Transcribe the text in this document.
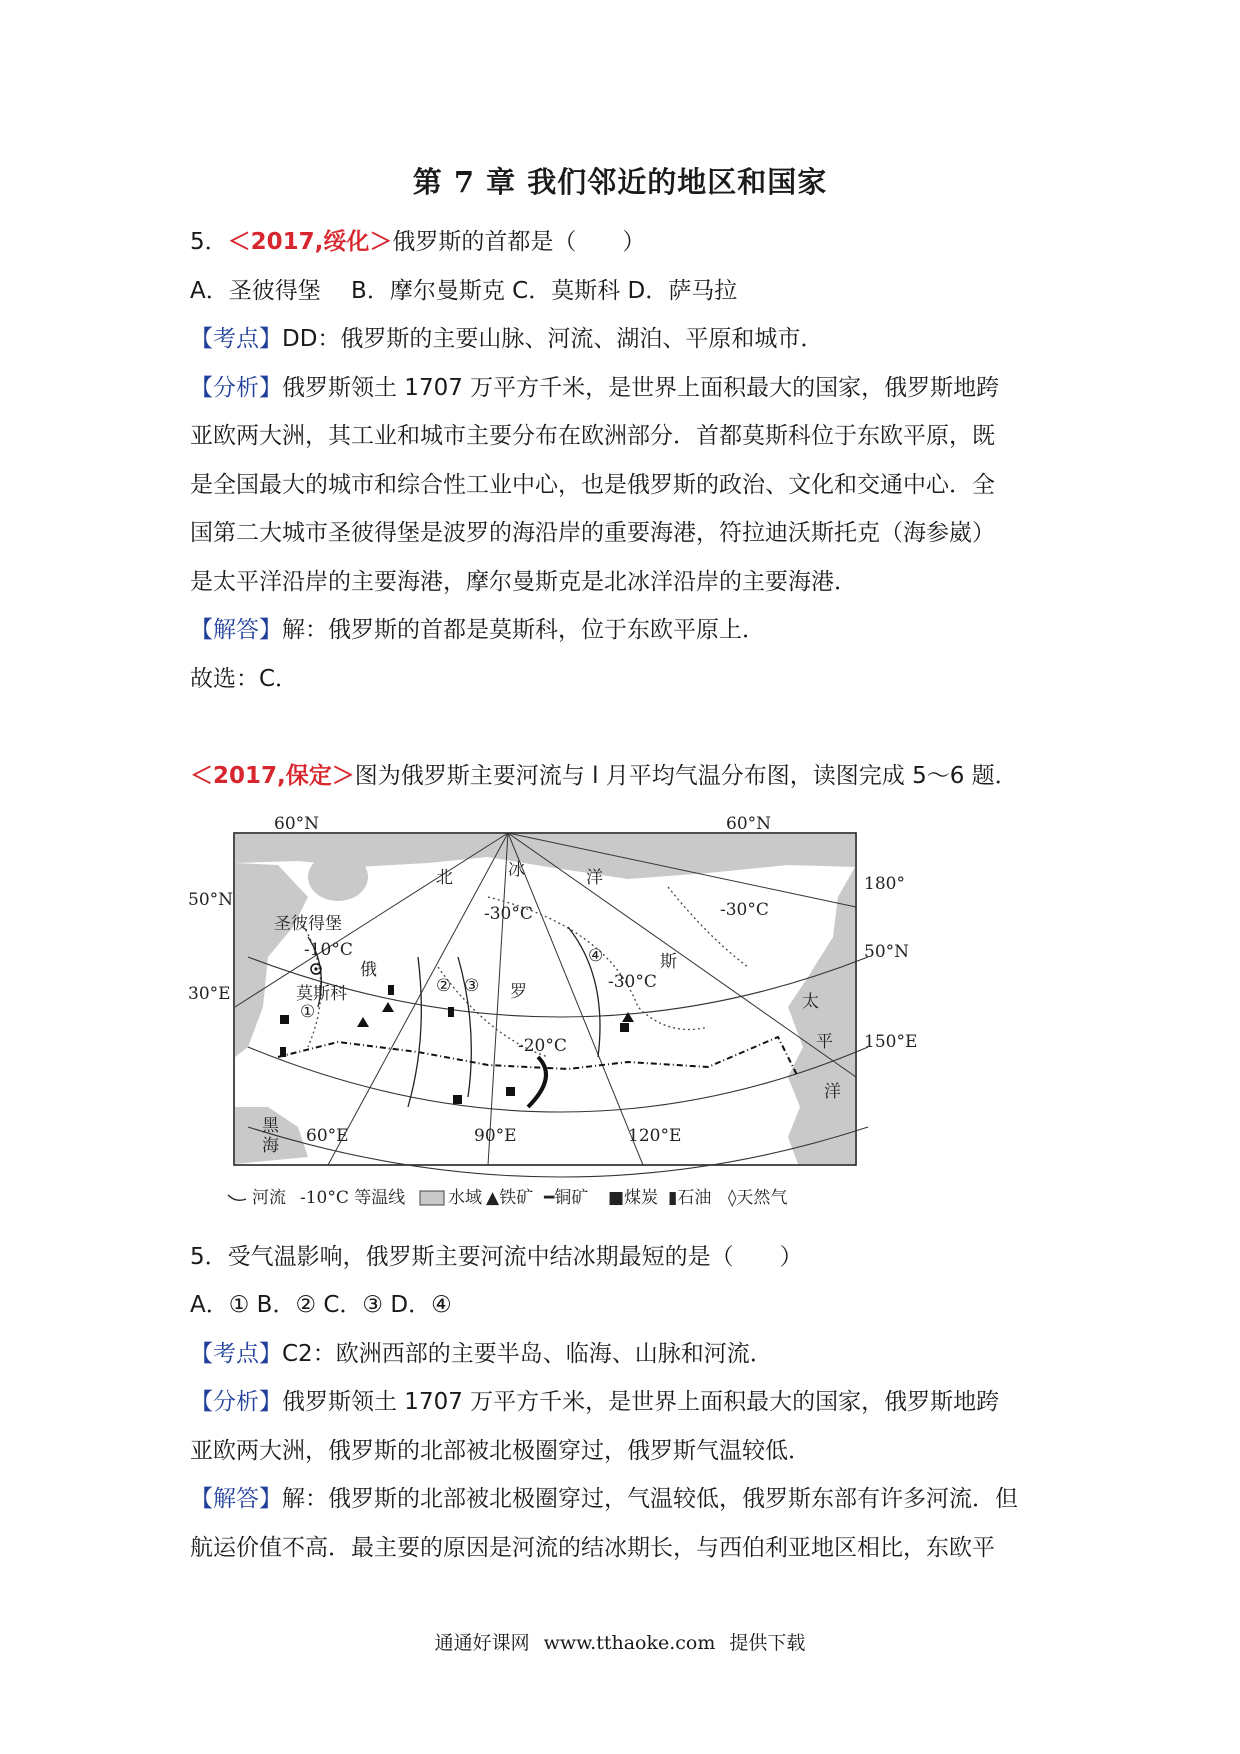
第 7 章 我们邻近的地区和国家
5．＜2017,绥化＞俄罗斯的首都是（　　）
A．圣彼得堡　 B．摩尔曼斯克 C．莫斯科 D．萨马拉
【考点】DD：俄罗斯的主要山脉、河流、湖泊、平原和城市．
【分析】俄罗斯领土 1707 万平方千米，是世界上面积最大的国家，俄罗斯地跨
亚欧两大洲，其工业和城市主要分布在欧洲部分．首都莫斯科位于东欧平原，既
是全国最大的城市和综合性工业中心，也是俄罗斯的政治、文化和交通中心．全
国第二大城市圣彼得堡是波罗的海沿岸的重要海港，符拉迪沃斯托克（海参崴）
是太平洋沿岸的主要海港，摩尔曼斯克是北冰洋沿岸的主要海港．
【解答】解：俄罗斯的首都是莫斯科，位于东欧平原上．
故选：C．
＜2017,保定＞图为俄罗斯主要河流与 l 月平均气温分布图，读图完成 5～6 题．
60°N	60°N
50°N
50°N
30°E
180°
150°E
60°E	90°E	120°E
北	冰	洋
太
平
洋
俄
罗
斯
圣彼得堡
莫斯科
黑
海
-10°C
-20°C
-30°C
-30°C
-30°C
①
② ③
④
河流 -10°C 等温线	水域 ▲铁矿 ━铜矿 ■煤炭 ▮石油 ◊天然气
5．受气温影响，俄罗斯主要河流中结冰期最短的是（　　）
A．① B．② C．③ D．④
【考点】C2：欧洲西部的主要半岛、临海、山脉和河流．
【分析】俄罗斯领土 1707 万平方千米，是世界上面积最大的国家，俄罗斯地跨
亚欧两大洲，俄罗斯的北部被北极圈穿过，俄罗斯气温较低．
【解答】解：俄罗斯的北部被北极圈穿过，气温较低，俄罗斯东部有许多河流．但
航运价值不高．最主要的原因是河流的结冰期长，与西伯利亚地区相比，东欧平
通通好课网 www.tthaoke.com 提供下载
